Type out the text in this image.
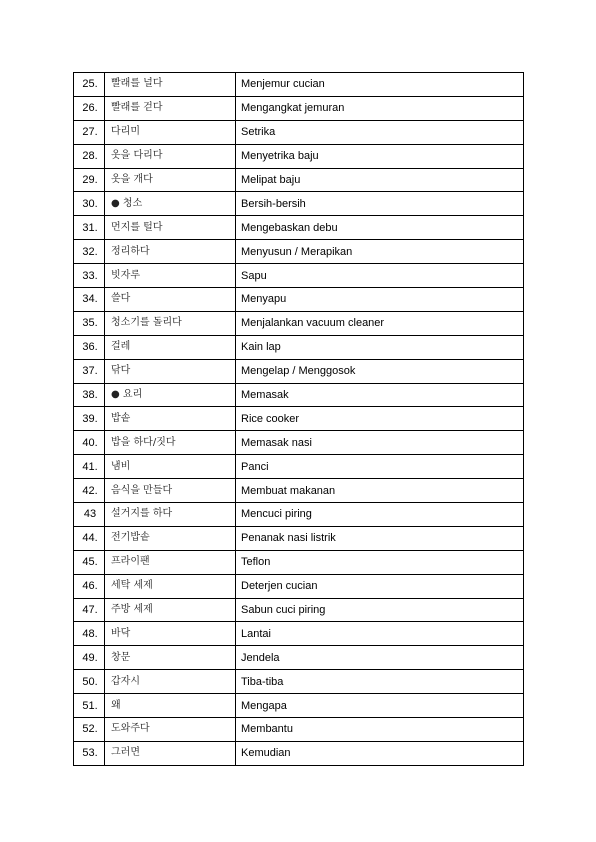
25.	빨래를 널다	Menjemur cucian
26.	빨래를 걷다	Mengangkat jemuran
27.	다리미	Setrika
28.	옷을 다리다	Menyetrika baju
29.	옷을 개다	Melipat baju
30.	● 청소	Bersih-bersih
31.	먼지를 털다	Mengebaskan debu
32.	정리하다	Menyusun / Merapikan
33.	빗자루	Sapu
34.	쓸다	Menyapu
35.	청소기를 돌리다	Menjalankan vacuum cleaner
36.	걸레	Kain lap
37.	닦다	Mengelap / Menggosok
38.	● 요리	Memasak
39.	밥솥	Rice cooker
40.	밥을 하다/짓다	Memasak nasi
41.	냄비	Panci
42.	음식을 만들다	Membuat makanan
43	설거지를 하다	Mencuci piring
44.	전기밥솥	Penanak nasi listrik
45.	프라이팬	Teflon
46.	세탁 세제	Deterjen cucian
47.	주방 세제	Sabun cuci piring
48.	바닥	Lantai
49.	창문	Jendela
50.	갑자시	Tiba-tiba
51.	왜	Mengapa
52.	도와주다	Membantu
53.	그러면	Kemudian
